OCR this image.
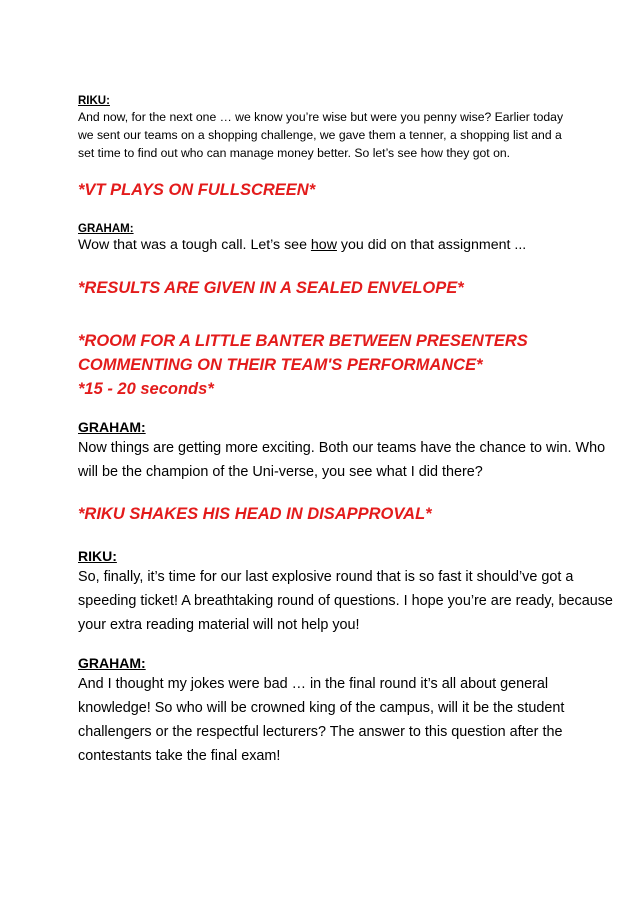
RIKU:

And now, for the next one … we know you’re wise but were you penny wise? Earlier today

we sent our teams on a shopping challenge, we gave them a tenner, a shopping list and a

set time to find out who can manage money better. So let’s see how they got on.

*VT PLAYS ON FULLSCREEN*

GRAHAM:

Wow that was a tough call. Let’s see how you did on that assignment ...

*RESULTS ARE GIVEN IN A SEALED ENVELOPE*

*ROOM FOR A LITTLE BANTER BETWEEN PRESENTERS

COMMENTING ON THEIR TEAM'S PERFORMANCE*

*15 - 20 seconds*

GRAHAM:

Now things are getting more exciting. Both our teams have the chance to win. Who

will be the champion of the Uni-verse, you see what I did there?

*RIKU SHAKES HIS HEAD IN DISAPPROVAL*

RIKU:

So, finally, it’s time for our last explosive round that is so fast it should’ve got a

speeding ticket! A breathtaking round of questions. I hope you’re are ready, because

your extra reading material will not help you!

GRAHAM:

And I thought my jokes were bad … in the final round it’s all about general

knowledge! So who will be crowned king of the campus, will it be the student

challengers or the respectful lecturers? The answer to this question after the

contestants take the final exam!
